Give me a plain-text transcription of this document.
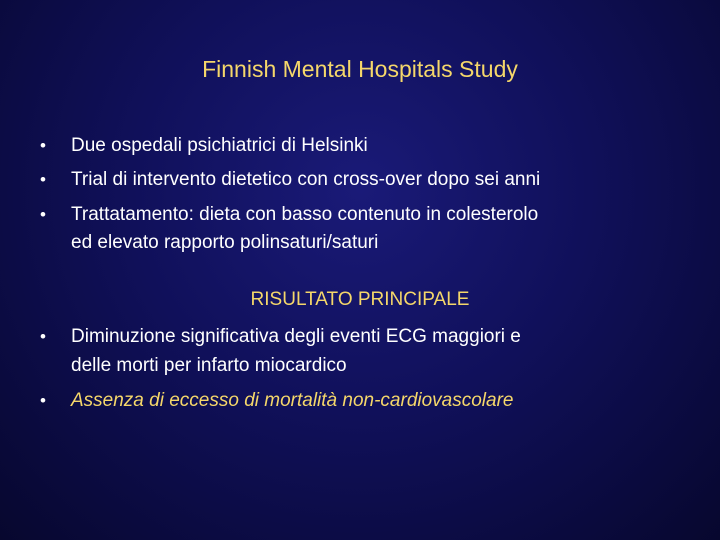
Finnish Mental Hospitals Study
•	Due ospedali psichiatrici di Helsinki
•	Trial di intervento dietetico con cross-over dopo sei anni
•	Trattatamento: dieta con basso contenuto in colesterolo
ed elevato rapporto polinsaturi/saturi
RISULTATO PRINCIPALE
•	Diminuzione significativa degli eventi ECG maggiori e
delle morti per infarto miocardico
•	Assenza di eccesso di mortalità non-cardiovascolare
